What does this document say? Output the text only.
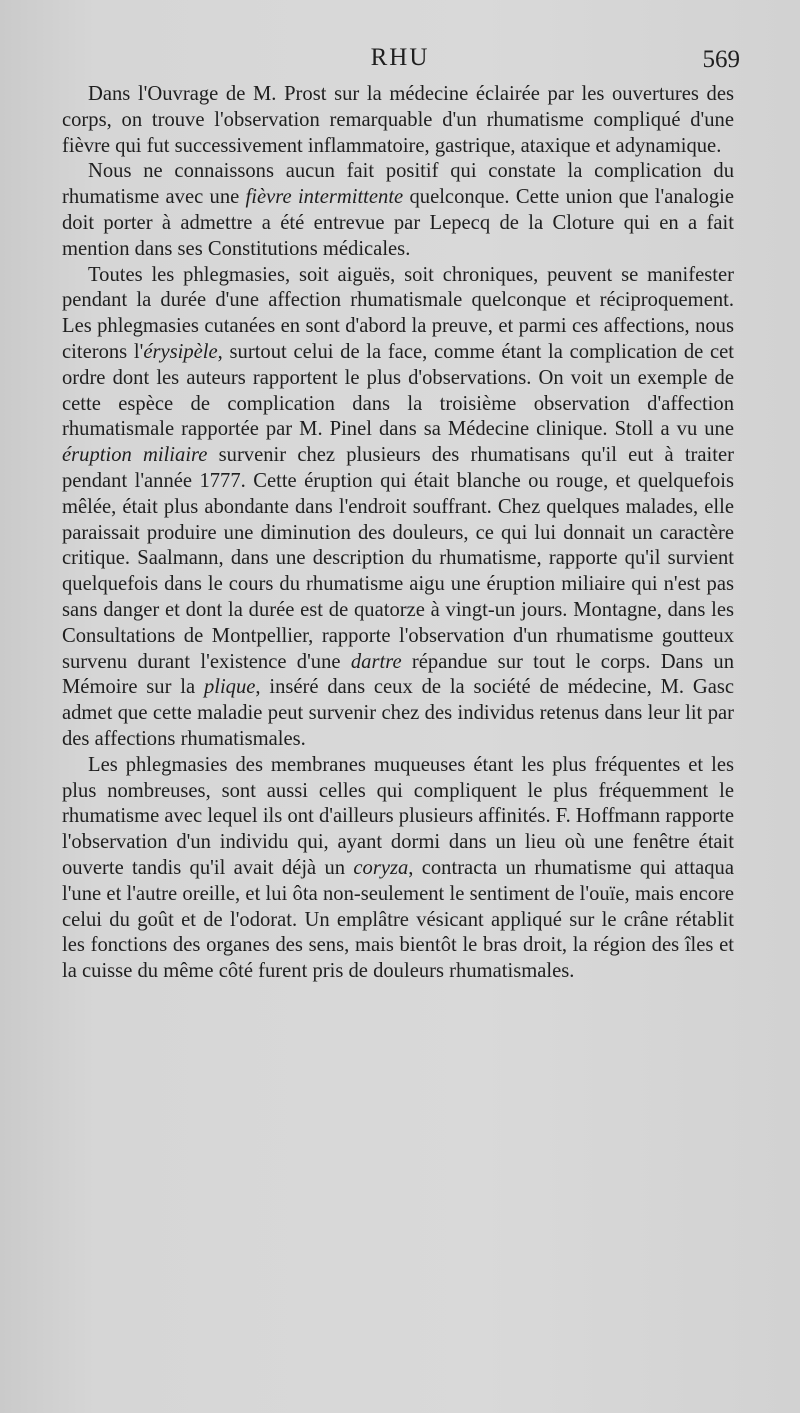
RHU	569

Dans l'Ouvrage de M. Prost sur la médecine éclairée par les ouvertures des corps, on trouve l'observation remarquable d'un rhumatisme compliqué d'une fièvre qui fut successivement inflammatoire, gastrique, ataxique et adynamique.

Nous ne connaissons aucun fait positif qui constate la complication du rhumatisme avec une fièvre intermittente quelconque. Cette union que l'analogie doit porter à admettre a été entrevue par Lepecq de la Cloture qui en a fait mention dans ses Constitutions médicales.

Toutes les phlegmasies, soit aiguës, soit chroniques, peuvent se manifester pendant la durée d'une affection rhumatismale quelconque et réciproquement. Les phlegmasies cutanées en sont d'abord la preuve, et parmi ces affections, nous citerons l'érysipèle, surtout celui de la face, comme étant la complication de cet ordre dont les auteurs rapportent le plus d'observations. On voit un exemple de cette espèce de complication dans la troisième observation d'affection rhumatismale rapportée par M. Pinel dans sa Médecine clinique. Stoll a vu une éruption miliaire survenir chez plusieurs des rhumatisans qu'il eut à traiter pendant l'année 1777. Cette éruption qui était blanche ou rouge, et quelquefois mêlée, était plus abondante dans l'endroit souffrant. Chez quelques malades, elle paraissait produire une diminution des douleurs, ce qui lui donnait un caractère critique. Saalmann, dans une description du rhumatisme, rapporte qu'il survient quelquefois dans le cours du rhumatisme aigu une éruption miliaire qui n'est pas sans danger et dont la durée est de quatorze à vingt-un jours. Montagne, dans les Consultations de Montpellier, rapporte l'observation d'un rhumatisme goutteux survenu durant l'existence d'une dartre répandue sur tout le corps. Dans un Mémoire sur la plique, inséré dans ceux de la société de médecine, M. Gasc admet que cette maladie peut survenir chez des individus retenus dans leur lit par des affections rhumatismales.

Les phlegmasies des membranes muqueuses étant les plus fréquentes et les plus nombreuses, sont aussi celles qui compliquent le plus fréquemment le rhumatisme avec lequel ils ont d'ailleurs plusieurs affinités. F. Hoffmann rapporte l'observation d'un individu qui, ayant dormi dans un lieu où une fenêtre était ouverte tandis qu'il avait déjà un coryza, contracta un rhumatisme qui attaqua l'une et l'autre oreille, et lui ôta non-seulement le sentiment de l'ouïe, mais encore celui du goût et de l'odorat. Un emplâtre vésicant appliqué sur le crâne rétablit les fonctions des organes des sens, mais bientôt le bras droit, la région des îles et la cuisse du même côté furent pris de douleurs rhumatismales.
